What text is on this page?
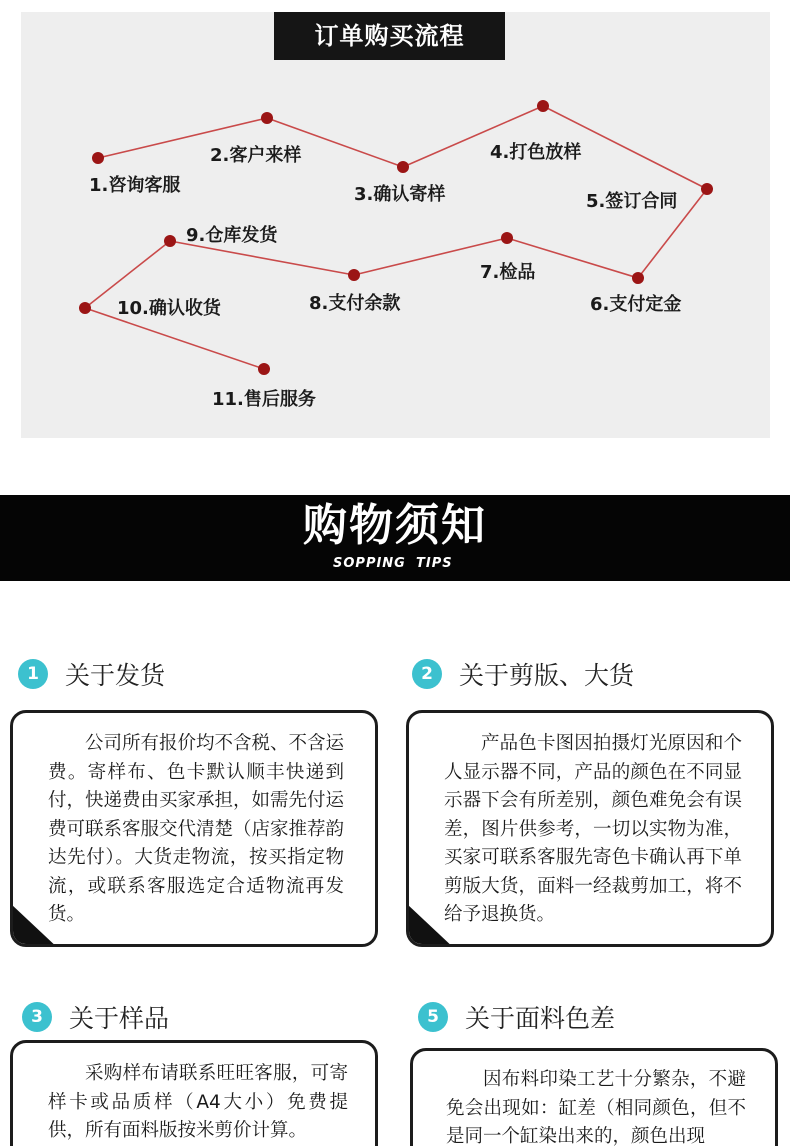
订单购买流程
1.咨询客服
2.客户来样
3.确认寄样
4.打色放样
5.签订合同
6.支付定金
7.检品
8.支付余款
9.仓库发货
10.确认收货
11.售后服务
购物须知
SOPPING TIPS
1	关于发货

公司所有报价均不含税、不含运费。寄样布、色卡默认顺丰快递到付，快递费由买家承担，如需先付运费可联系客服交代清楚（店家推荐韵达先付）。大货走物流，按买指定物流，或联系客服选定合适物流再发货。

2	关于剪版、大货

产品色卡图因拍摄灯光原因和个人显示器不同，产品的颜色在不同显示器下会有所差别，颜色难免会有误差，图片供参考，一切以实物为准，买家可联系客服先寄色卡确认再下单剪版大货，面料一经裁剪加工，将不给予退换货。

3	关于样品

采购样布请联系旺旺客服，可寄样卡或品质样（A4大小）免费提供，所有面料版按米剪价计算。

5	关于面料色差

因布料印染工艺十分繁杂，不避免会出现如：缸差（相同颜色，但不是同一个缸染出来的，颜色出现
